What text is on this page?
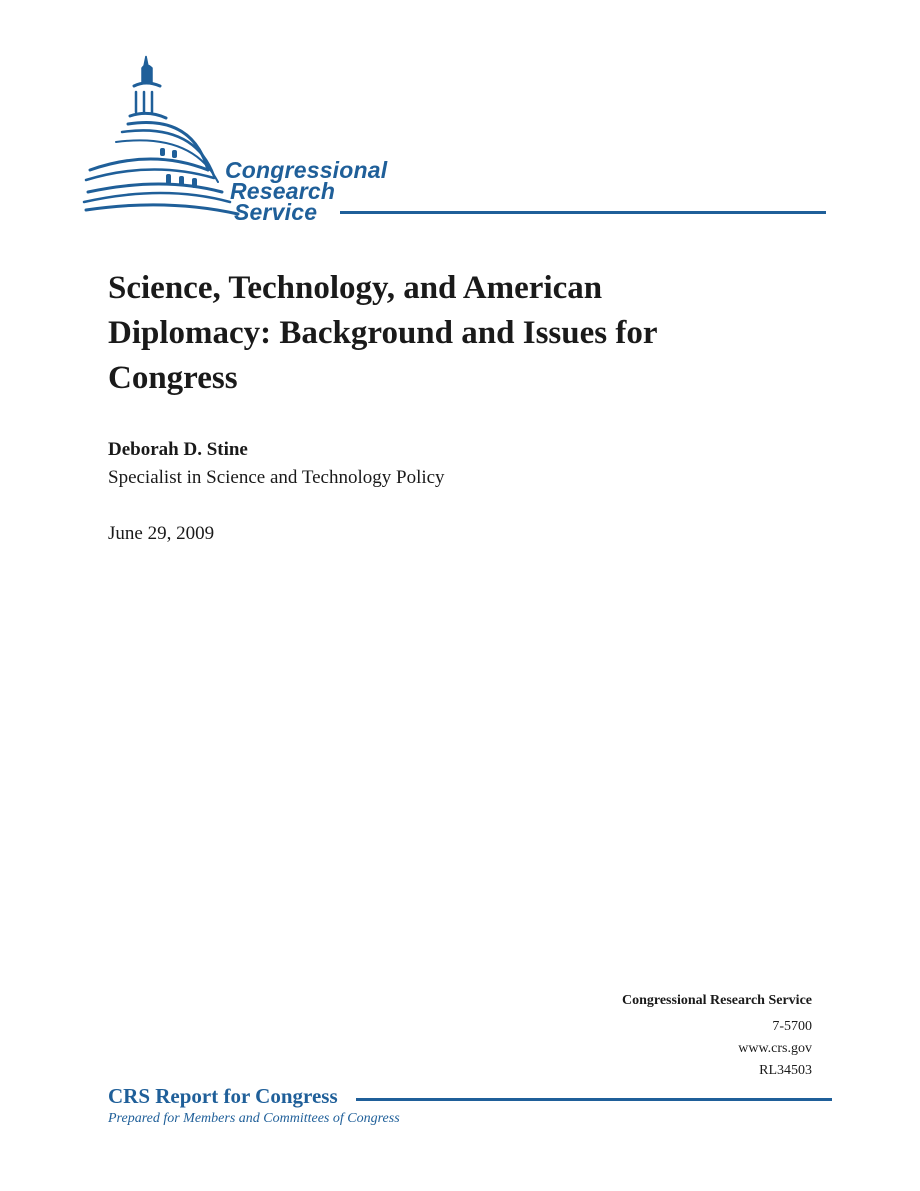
Congressional
Research
Service
Science, Technology, and American Diplomacy: Background and Issues for Congress
Deborah D. Stine
Specialist in Science and Technology Policy
June 29, 2009
Congressional Research Service
7-5700
www.crs.gov
RL34503
CRS Report for Congress
Prepared for Members and Committees of Congress
